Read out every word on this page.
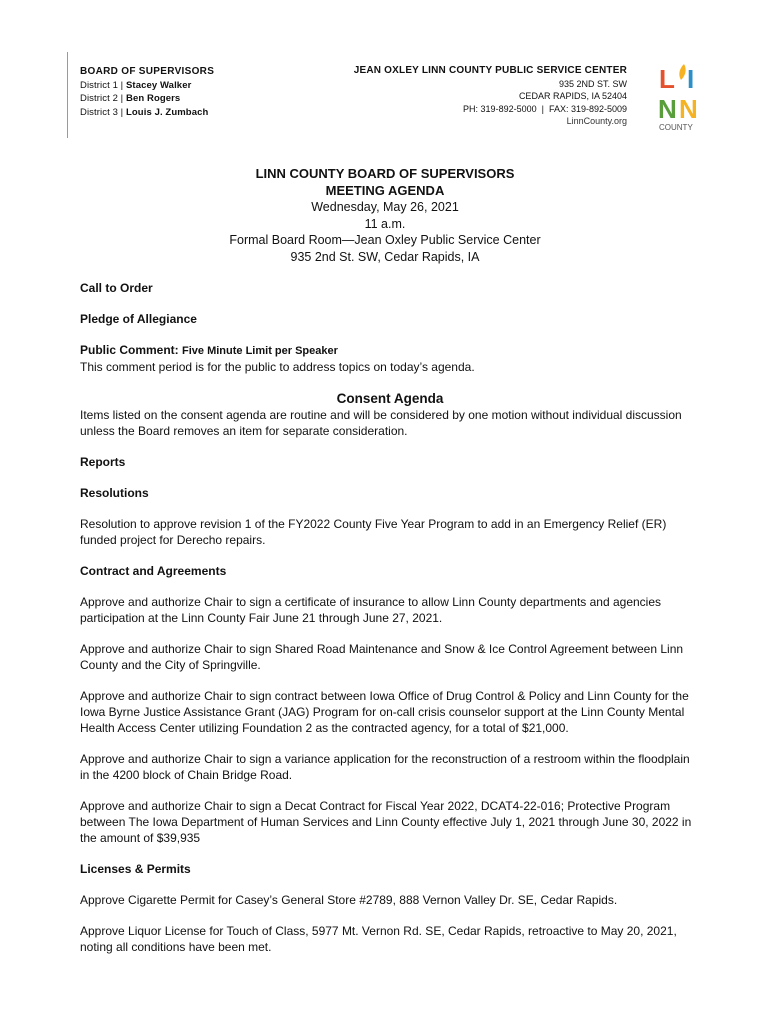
BOARD OF SUPERVISORS
District 1 | Stacey Walker
District 2 | Ben Rogers
District 3 | Louis J. Zumbach
JEAN OXLEY LINN COUNTY PUBLIC SERVICE CENTER
935 2ND ST. SW
CEDAR RAPIDS, IA 52404
PH: 319-892-5000  |  FAX: 319-892-5009
LinnCounty.org
L I
N N
COUNTY
LINN COUNTY BOARD OF SUPERVISORS
MEETING AGENDA
Wednesday, May 26, 2021
11 a.m.
Formal Board Room—Jean Oxley Public Service Center
935 2nd St. SW, Cedar Rapids, IA

Call to Order

Pledge of Allegiance

Public Comment: Five Minute Limit per Speaker

This comment period is for the public to address topics on today’s agenda.

Consent Agenda

Items listed on the consent agenda are routine and will be considered by one motion without individual discussion unless the Board removes an item for separate consideration.

Reports

Resolutions

Resolution to approve revision 1 of the FY2022 County Five Year Program to add in an Emergency Relief (ER) funded project for Derecho repairs.

Contract and Agreements

Approve and authorize Chair to sign a certificate of insurance to allow Linn County departments and agencies participation at the Linn County Fair June 21 through June 27, 2021.

Approve and authorize Chair to sign Shared Road Maintenance and Snow & Ice Control Agreement between Linn County and the City of Springville.

Approve and authorize Chair to sign contract between Iowa Office of Drug Control & Policy and Linn County for the Iowa Byrne Justice Assistance Grant (JAG) Program for on-call crisis counselor support at the Linn County Mental Health Access Center utilizing Foundation 2 as the contracted agency, for a total of $21,000.

Approve and authorize Chair to sign a variance application for the reconstruction of a restroom within the floodplain in the 4200 block of Chain Bridge Road.

Approve and authorize Chair to sign a Decat Contract for Fiscal Year 2022, DCAT4-22-016; Protective Program between The Iowa Department of Human Services and Linn County effective July 1, 2021 through June 30, 2022 in the amount of $39,935

Licenses & Permits

Approve Cigarette Permit for Casey’s General Store #2789, 888 Vernon Valley Dr. SE, Cedar Rapids.

Approve Liquor License for Touch of Class, 5977 Mt. Vernon Rd. SE, Cedar Rapids, retroactive to May 20, 2021, noting all conditions have been met.
